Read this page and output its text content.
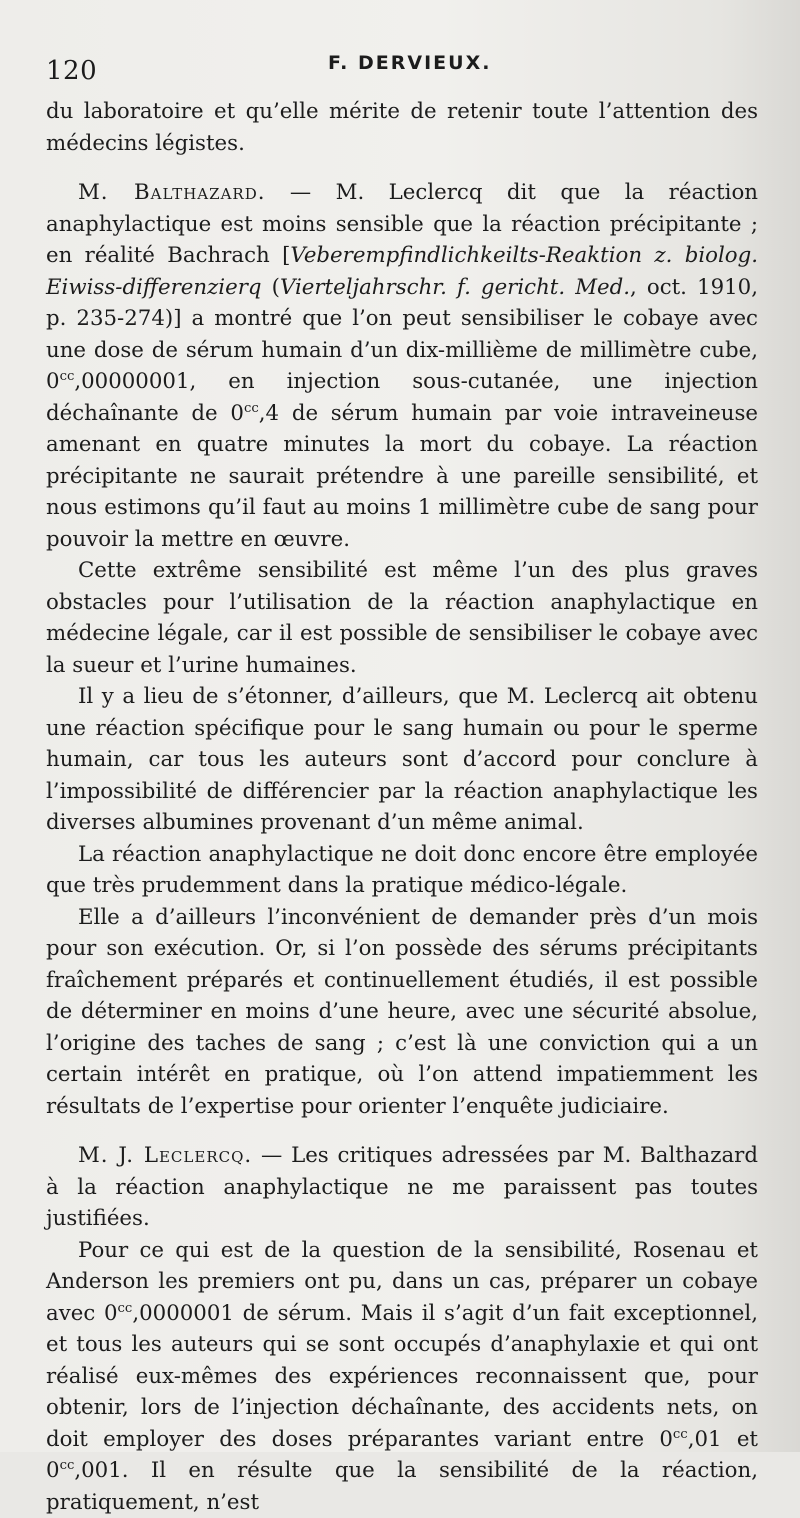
120	F. DERVIEUX.

du laboratoire et qu’elle mérite de retenir toute l’attention des médecins légistes.

M. Balthazard. — M. Leclercq dit que la réaction anaphylactique est moins sensible que la réaction précipitante ; en réalité Bachrach [Veberempfindlichkeilts-Reaktion z. biolog. Eiwiss-differenzierq (Vierteljahrschr. f. gericht. Med., oct. 1910, p. 235-274)] a montré que l’on peut sensibiliser le cobaye avec une dose de sérum humain d’un dix-millième de millimètre cube, $0^{cc},00000001$, en injection sous-cutanée, une injection déchaînante de $0^{cc},4$ de sérum humain par voie intraveineuse amenant en quatre minutes la mort du cobaye. La réaction précipitante ne saurait prétendre à une pareille sensibilité, et nous estimons qu’il faut au moins 1 millimètre cube de sang pour pouvoir la mettre en œuvre.

Cette extrême sensibilité est même l’un des plus graves obstacles pour l’utilisation de la réaction anaphylactique en médecine légale, car il est possible de sensibiliser le cobaye avec la sueur et l’urine humaines.

Il y a lieu de s’étonner, d’ailleurs, que M. Leclercq ait obtenu une réaction spécifique pour le sang humain ou pour le sperme humain, car tous les auteurs sont d’accord pour conclure à l’impossibilité de différencier par la réaction anaphylactique les diverses albumines provenant d’un même animal.

La réaction anaphylactique ne doit donc encore être employée que très prudemment dans la pratique médico-légale.

Elle a d’ailleurs l’inconvénient de demander près d’un mois pour son exécution. Or, si l’on possède des sérums précipitants fraîchement préparés et continuellement étudiés, il est possible de déterminer en moins d’une heure, avec une sécurité absolue, l’origine des taches de sang ; c’est là une conviction qui a un certain intérêt en pratique, où l’on attend impatiemment les résultats de l’expertise pour orienter l’enquête judiciaire.

M. J. Leclercq. — Les critiques adressées par M. Balthazard à la réaction anaphylactique ne me paraissent pas toutes justifiées.

Pour ce qui est de la question de la sensibilité, Rosenau et Anderson les premiers ont pu, dans un cas, préparer un cobaye avec $0^{cc},0000001$ de sérum. Mais il s’agit d’un fait exceptionnel, et tous les auteurs qui se sont occupés d’anaphylaxie et qui ont réalisé eux-mêmes des expériences reconnaissent que, pour obtenir, lors de l’injection déchaînante, des accidents nets, on doit employer des doses préparantes variant entre $0^{cc},01$ et $0^{cc},001$. Il en résulte que la sensibilité de la réaction, pratiquement, n’est
